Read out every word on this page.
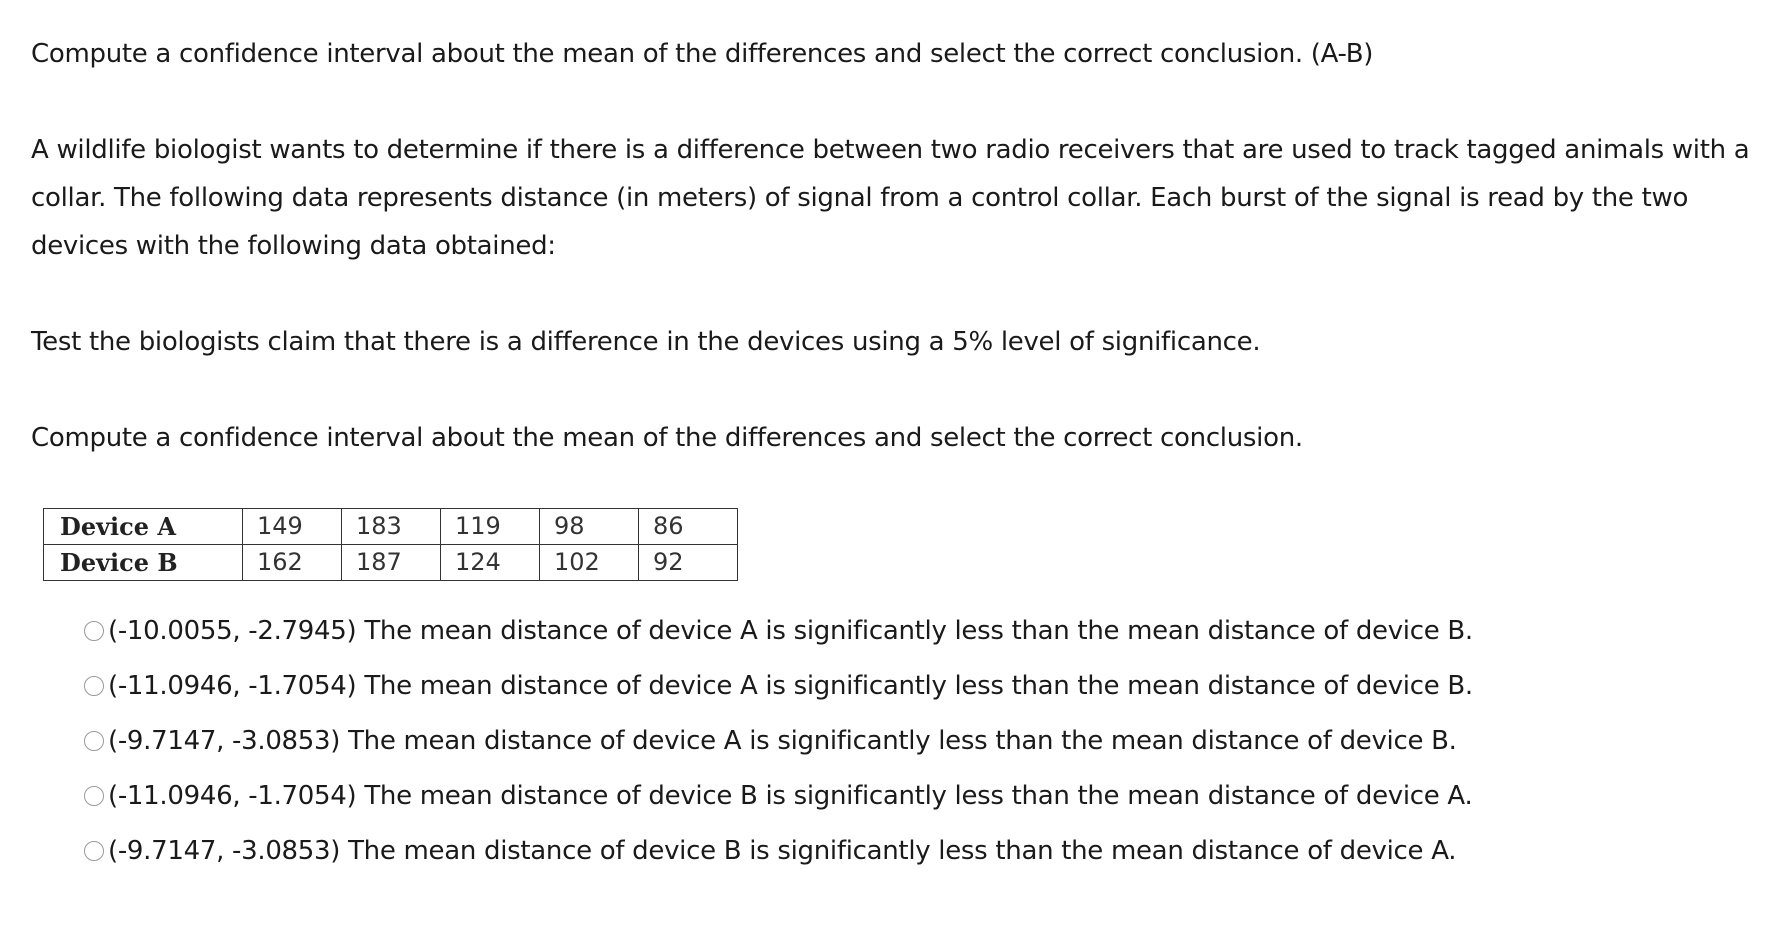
Compute a confidence interval about the mean of the differences and select the correct conclusion. (A-B)

A wildlife biologist wants to determine if there is a difference between two radio receivers that are used to track tagged animals with a collar. The following data represents distance (in meters) of signal from a control collar. Each burst of the signal is read by the two devices with the following data obtained:

Test the biologists claim that there is a difference in the devices using a 5% level of significance.

Compute a confidence interval about the mean of the differences and select the correct conclusion.

Device A	149	183	119	98	86
Device B	162	187	124	102	92
(-10.0055, -2.7945) The mean distance of device A is significantly less than the mean distance of device B.
(-11.0946, -1.7054) The mean distance of device A is significantly less than the mean distance of device B.
(-9.7147, -3.0853) The mean distance of device A is significantly less than the mean distance of device B.
(-11.0946, -1.7054) The mean distance of device B is significantly less than the mean distance of device A.
(-9.7147, -3.0853) The mean distance of device B is significantly less than the mean distance of device A.
